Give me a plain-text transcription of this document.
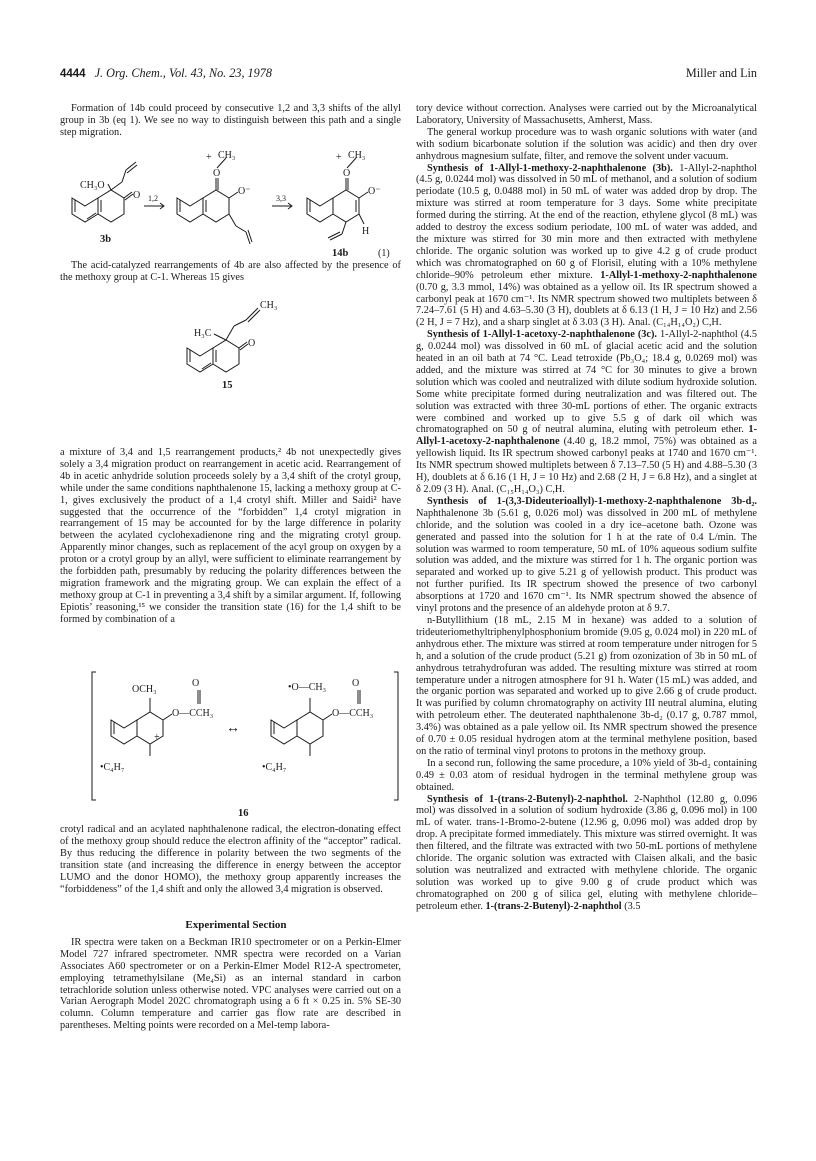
4444 J. Org. Chem., Vol. 43, No. 23, 1978	Miller and Lin

Formation of 14b could proceed by consecutive 1,2 and 3,3 shifts of the allyl group in 3b (eq 1). We see no way to distinguish between this path and a single step migration.

CH₃O
O
3b
1,2	3,3
+ CH₃
O
O⁻
+ CH₃
O
O⁻
H
14b	(1)

The acid-catalyzed rearrangements of 4b are also affected by the presence of the methoxy group at C-1. Whereas 15 gives

H₃C
CH₃
O
15

a mixture of 3,4 and 1,5 rearrangement products,² 4b not unexpectedly gives solely a 3,4 migration product on rearrangement in acetic acid. Rearrangement of 4b in acetic anhydride solution proceeds solely by a 3,4 shift of the crotyl group, while under the same conditions naphthalenone 15, lacking a methoxy group at C-1, gives exclusively the product of a 1,4 crotyl shift. Miller and Saidi² have suggested that the occurrence of the “forbidden” 1,4 crotyl migration in rearrangement of 15 may be accounted for by the large difference in polarity between the acylated cyclohexadienone ring and the migrating crotyl group. Apparently minor changes, such as replacement of the acyl group on oxygen by a proton or a crotyl group by an allyl, were sufficient to eliminate rearrangement by the forbidden path, presumably by reducing the polarity differences between the migration framework and the migrating group. We can explain the effect of a methoxy group at C-1 in preventing a 3,4 shift by a similar argument. If, following Epiotis’ reasoning,¹⁵ we consider the transition state (16) for the 1,4 shift to be formed by combination of a

OCH₃
O
O—CCH₃
+
•C₄H₇
↔
•O—CH₃	O
O—CCH₃
•C₄H₇
16

crotyl radical and an acylated naphthalenone radical, the electron-donating effect of the methoxy group should reduce the electron affinity of the “acceptor” radical. By thus reducing the difference in polarity between the two segments of the transition state (and increasing the difference in energy between the acceptor LUMO and the donor HOMO), the methoxy group apparently increases the “forbiddeness” of the 1,4 shift and only the allowed 3,4 migration is observed.

Experimental Section

IR spectra were taken on a Beckman IR10 spectrometer or on a Perkin-Elmer Model 727 infrared spectrometer. NMR spectra were recorded on a Varian Associates A60 spectrometer or on a Perkin-Elmer Model R12-A spectrometer, employing tetramethylsilane (Me₄Si) as an internal standard in carbon tetrachloride solution unless otherwise noted. VPC analyses were carried out on a Varian Aerograph Model 202C chromatograph using a 6 ft × 0.25 in. 5% SE-30 column. Column temperature and carrier gas flow rate are described in parentheses. Melting points were recorded on a Mel-temp labora-

tory device without correction. Analyses were carried out by the Microanalytical Laboratory, University of Massachusetts, Amherst, Mass.

The general workup procedure was to wash organic solutions with water (and with sodium bicarbonate solution if the solution was acidic) and then dry over anhydrous magnesium sulfate, filter, and remove the solvent under vacuum.

Synthesis of 1-Allyl-1-methoxy-2-naphthalenone (3b). 1-Allyl-2-naphthol (4.5 g, 0.0244 mol) was dissolved in 50 mL of methanol, and a solution of sodium periodate (10.5 g, 0.0488 mol) in 50 mL of water was added drop by drop. The mixture was stirred at room temperature for 3 days. Some white precipitate formed during the stirring. At the end of the reaction, ethylene glycol (8 mL) was added to destroy the excess sodium periodate, 100 mL of water was added, and the mixture was stirred for 30 min more and then extracted with methylene chloride. The organic solution was worked up to give 4.2 g of crude product which was chromatographed on 60 g of Florisil, eluting with a 10% methylene chloride–90% petroleum ether mixture. 1-Allyl-1-methoxy-2-naphthalenone (0.70 g, 3.3 mmol, 14%) was obtained as a yellow oil. Its IR spectrum showed a carbonyl peak at 1670 cm⁻¹. Its NMR spectrum showed two multiplets between δ 7.24–7.61 (5 H) and 4.63–5.30 (3 H), doublets at δ 6.13 (1 H, J = 10 Hz) and 2.56 (2 H, J = 7 Hz), and a sharp singlet at δ 3.03 (3 H). Anal. (C₁₄H₁₄O₂) C,H.

Synthesis of 1-Allyl-1-acetoxy-2-naphthalenone (3c). 1-Allyl-2-naphthol (4.5 g, 0.0244 mol) was dissolved in 60 mL of glacial acetic acid and the solution heated in an oil bath at 74 °C. Lead tetroxide (Pb₃O₄; 18.4 g, 0.0269 mol) was added, and the mixture was stirred at 74 °C for 30 minutes to give a brown solution which was cooled and neutralized with dilute sodium hydroxide solution. Some white precipitate formed during neutralization and was filtered out. The solution was extracted with three 30-mL portions of ether. The organic extracts were combined and worked up to give 5.5 g of dark oil which was chromatographed on 50 g of neutral alumina, eluting with petroleum ether. 1-Allyl-1-acetoxy-2-naphthalenone (4.40 g, 18.2 mmol, 75%) was obtained as a yellowish liquid. Its IR spectrum showed carbonyl peaks at 1740 and 1670 cm⁻¹. Its NMR spectrum showed multiplets between δ 7.13–7.50 (5 H) and 4.88–5.30 (3 H), doublets at δ 6.16 (1 H, J = 10 Hz) and 2.68 (2 H, J = 6.8 Hz), and a singlet at δ 2.09 (3 H). Anal. (C₁₅H₁₄O₃) C,H.

Synthesis of 1-(3,3-Dideuterioallyl)-1-methoxy-2-naphthalenone 3b-d₂. Naphthalenone 3b (5.61 g, 0.026 mol) was dissolved in 200 mL of methylene chloride, and the solution was cooled in a dry ice–acetone bath. Ozone was generated and passed into the solution for 1 h at the rate of 0.4 L/min. The solution was warmed to room temperature, 50 mL of 10% aqueous sodium sulfite solution was added, and the mixture was stirred for 1 h. The organic portion was separated and worked up to give 5.21 g of yellowish product. This product was not further purified. Its IR spectrum showed the presence of two carbonyl absorptions at 1720 and 1670 cm⁻¹. Its NMR spectrum showed the absence of vinyl protons and the presence of an aldehyde proton at δ 9.7.

n-Butyllithium (18 mL, 2.15 M in hexane) was added to a solution of trideuteriomethyltriphenylphosphonium bromide (9.05 g, 0.024 mol) in 220 mL of anhydrous ether. The mixture was stirred at room temperature under nitrogen for 5 h, and a solution of the crude product (5.21 g) from ozonization of 3b in 50 mL of anhydrous tetrahydrofuran was added. The resulting mixture was stirred at room temperature under a nitrogen atmosphere for 91 h. Water (15 mL) was added, and the organic portion was separated and worked up to give 2.66 g of crude product. It was purified by column chromatography on activity III neutral alumina, eluting with petroleum ether. The deuterated naphthalenone 3b-d₂ (0.17 g, 0.787 mmol, 3.4%) was obtained as a pale yellow oil. Its NMR spectrum showed the presence of 0.70 ± 0.05 residual hydrogen atom at the terminal methylene position, based on the ratio of terminal vinyl protons to protons in the methoxy group.

In a second run, following the same procedure, a 10% yield of 3b-d₂ containing 0.49 ± 0.03 atom of residual hydrogen in the terminal methylene group was obtained.

Synthesis of 1-(trans-2-Butenyl)-2-naphthol. 2-Naphthol (12.80 g, 0.096 mol) was dissolved in a solution of sodium hydroxide (3.86 g, 0.096 mol) in 100 mL of water. trans-1-Bromo-2-butene (12.96 g, 0.096 mol) was added drop by drop. A precipitate formed immediately. This mixture was stirred overnight. It was then filtered, and the filtrate was extracted with two 50-mL portions of methylene chloride. The organic solution was extracted with Claisen alkali, and the basic solution was neutralized and extracted with methylene chloride. The organic solution was worked up to give 9.00 g of crude product which was chromatographed on 200 g of silica gel, eluting with methylene chloride–petroleum ether. 1-(trans-2-Butenyl)-2-naphthol (3.5
